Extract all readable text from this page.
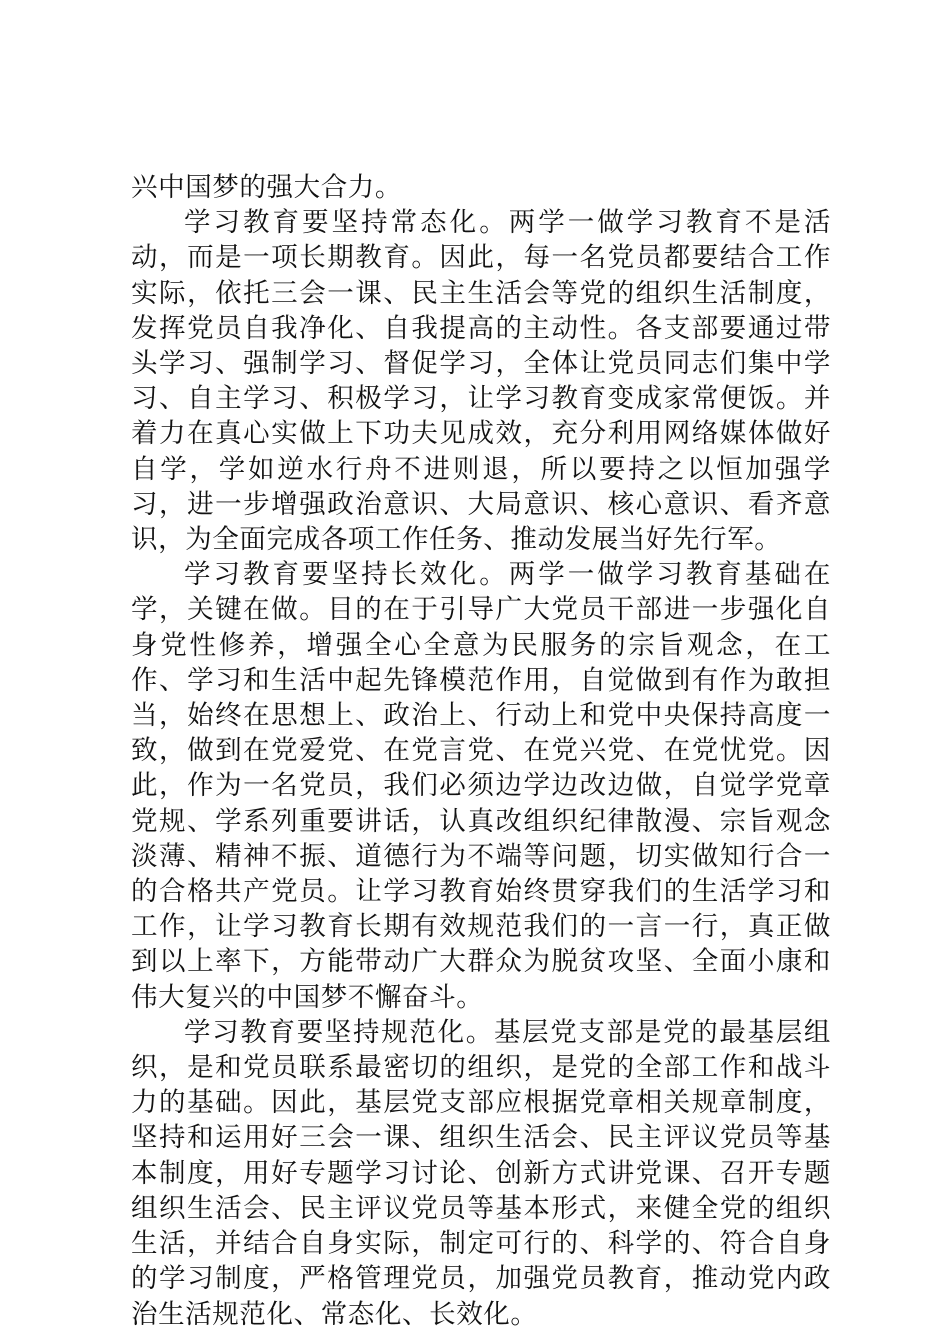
兴中国梦的强大合力。

学习教育要坚持常态化。两学一做学习教育不是活动，而是一项长期教育。因此，每一名党员都要结合工作实际，依托三会一课、民主生活会等党的组织生活制度，发挥党员自我净化、自我提高的主动性。各支部要通过带头学习、强制学习、督促学习，全体让党员同志们集中学习、自主学习、积极学习，让学习教育变成家常便饭。并着力在真心实做上下功夫见成效，充分利用网络媒体做好自学，学如逆水行舟不进则退，所以要持之以恒加强学习，进一步增强政治意识、大局意识、核心意识、看齐意识，为全面完成各项工作任务、推动发展当好先行军。

学习教育要坚持长效化。两学一做学习教育基础在学，关键在做。目的在于引导广大党员干部进一步强化自身党性修养，增强全心全意为民服务的宗旨观念，在工作、学习和生活中起先锋模范作用，自觉做到有作为敢担当，始终在思想上、政治上、行动上和党中央保持高度一致，做到在党爱党、在党言党、在党兴党、在党忧党。因此，作为一名党员，我们必须边学边改边做，自觉学党章党规、学系列重要讲话，认真改组织纪律散漫、宗旨观念淡薄、精神不振、道德行为不端等问题，切实做知行合一的合格共产党员。让学习教育始终贯穿我们的生活学习和工作，让学习教育长期有效规范我们的一言一行，真正做到以上率下，方能带动广大群众为脱贫攻坚、全面小康和伟大复兴的中国梦不懈奋斗。

学习教育要坚持规范化。基层党支部是党的最基层组织，是和党员联系最密切的组织，是党的全部工作和战斗力的基础。因此，基层党支部应根据党章相关规章制度，坚持和运用好三会一课、组织生活会、民主评议党员等基本制度，用好专题学习讨论、创新方式讲党课、召开专题组织生活会、民主评议党员等基本形式，来健全党的组织生活，并结合自身实际，制定可行的、科学的、符合自身的学习制度，严格管理党员，加强党员教育，推动党内政治生活规范化、常态化、长效化。
